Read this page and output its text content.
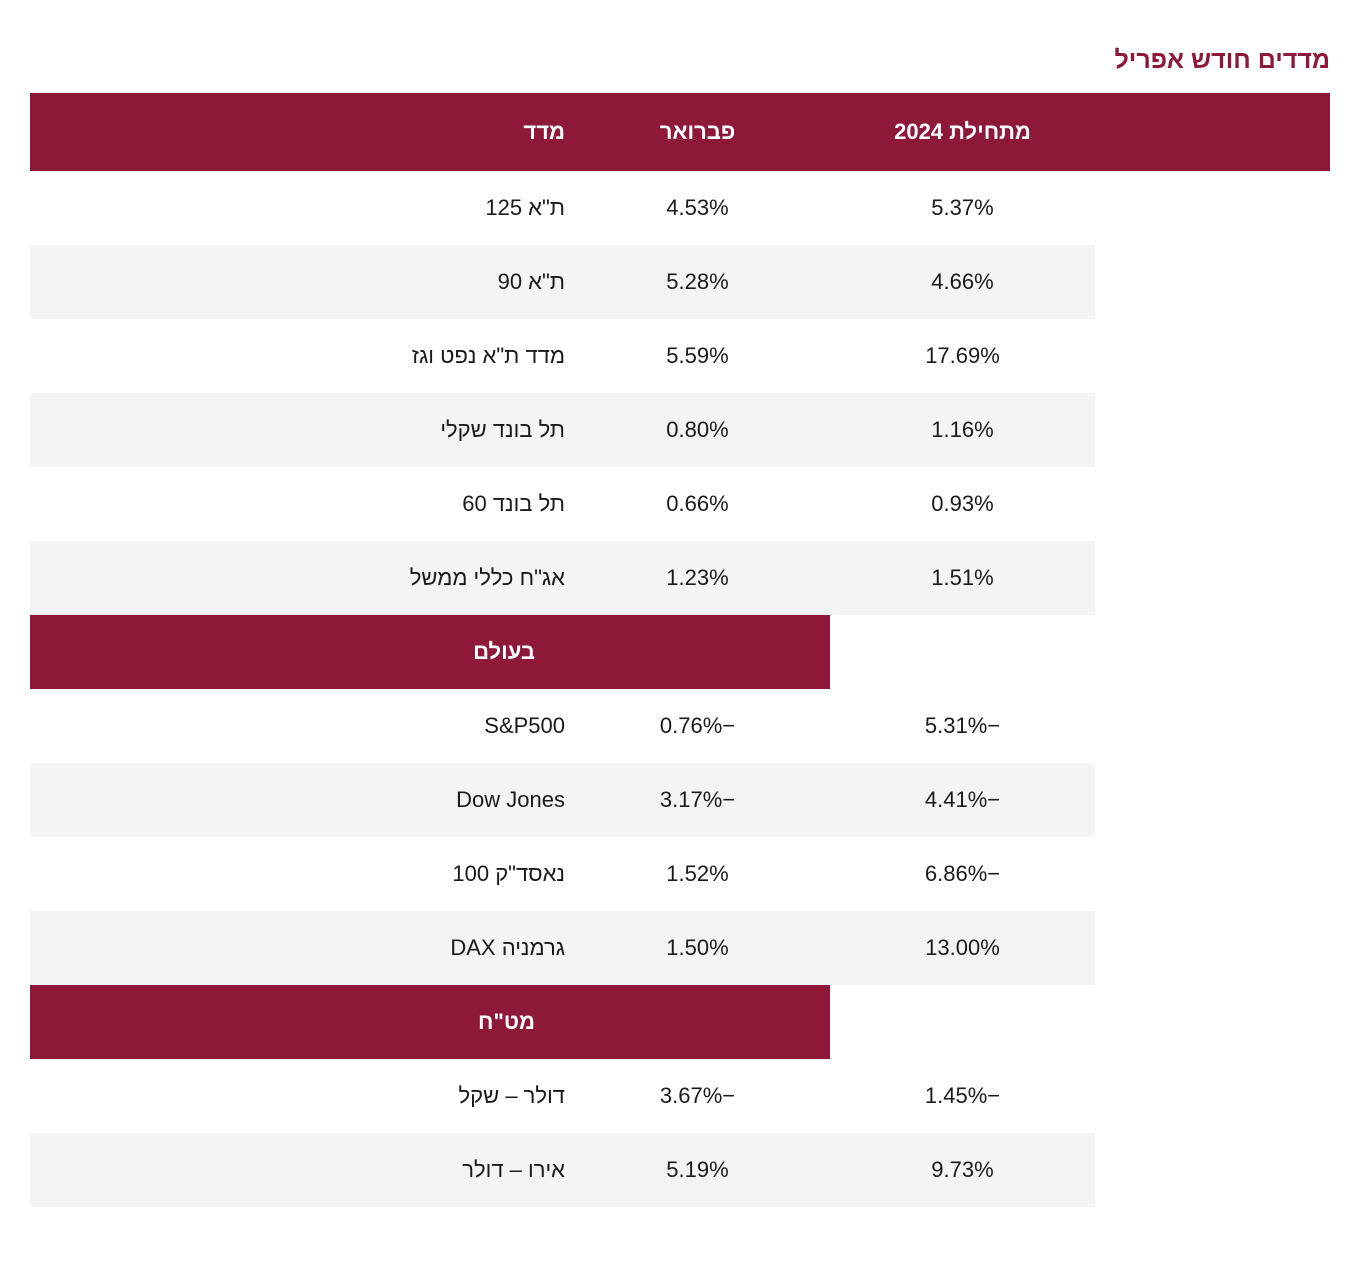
מדדים חודש אפריל
	מתחילת 2024	פברואר	מדד
	5.37%	4.53%	ת"א 125
	4.66%	5.28%	ת"א 90
	17.69%	5.59%	מדד ת"א נפט וגז
	1.16%	0.80%	תל בונד שקלי
	0.93%	0.66%	תל בונד 60
	1.51%	1.23%	אג"ח כללי ממשל
			בעולם
	−5.31%	−0.76%	S&P500
	−4.41%	−3.17%	Dow Jones
	−6.86%	1.52%	נאסד"ק 100
	13.00%	1.50%	גרמניה DAX
			מט"ח
	−1.45%	−3.67%	דולר – שקל
	9.73%	5.19%	אירו – דולר
